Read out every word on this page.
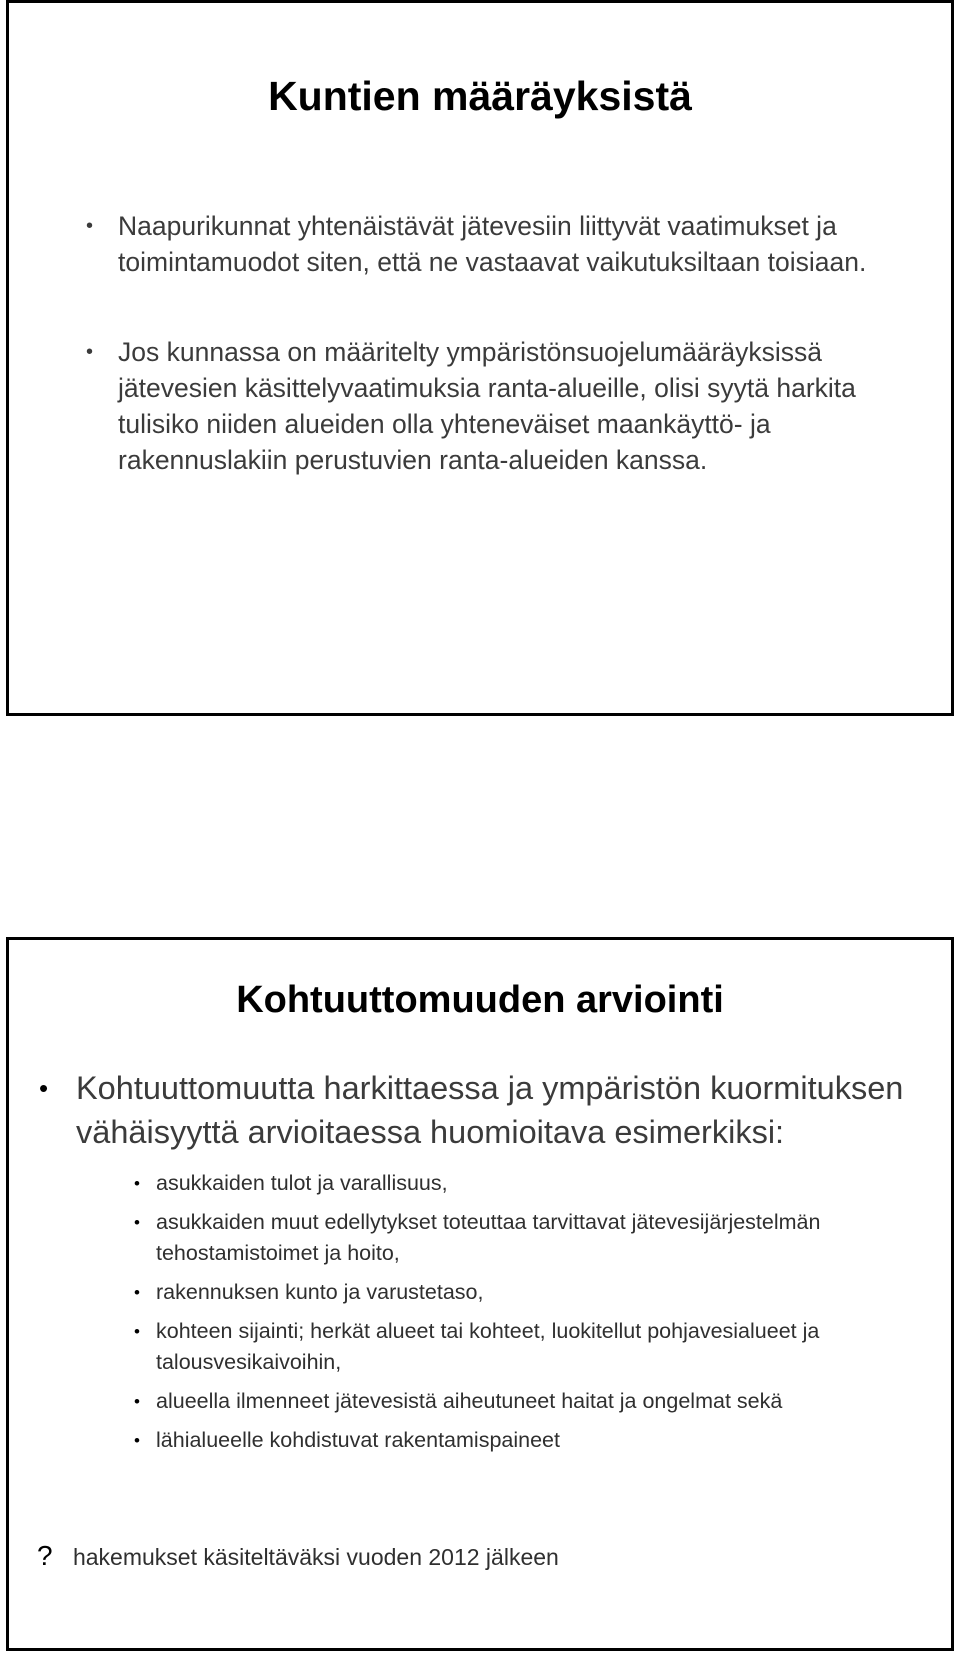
Kuntien määräyksistä
• Naapurikunnat yhtenäistävät jätevesiin liittyvät vaatimukset ja toimintamuodot siten, että ne vastaavat vaikutuksiltaan toisiaan.
• Jos kunnassa on määritelty ympäristönsuojelumääräyksissä jätevesien käsittelyvaatimuksia ranta-alueille, olisi syytä harkita tulisiko niiden alueiden olla yhteneväiset maankäyttö- ja rakennuslakiin perustuvien ranta-alueiden kanssa.
Kohtuuttomuuden arviointi
• Kohtuuttomuutta harkittaessa ja ympäristön kuormituksen vähäisyyttä arvioitaessa huomioitava esimerkiksi:
• asukkaiden tulot ja varallisuus,
• asukkaiden muut edellytykset toteuttaa tarvittavat jätevesijärjestelmän tehostamistoimet ja hoito,
• rakennuksen kunto ja varustetaso,
• kohteen sijainti; herkät alueet tai kohteet, luokitellut pohjavesialueet ja talousvesikaivoihin,
• alueella ilmenneet jätevesistä aiheutuneet haitat ja ongelmat sekä
• lähialueelle kohdistuvat rakentamispaineet
? hakemukset käsiteltäväksi vuoden 2012 jälkeen
